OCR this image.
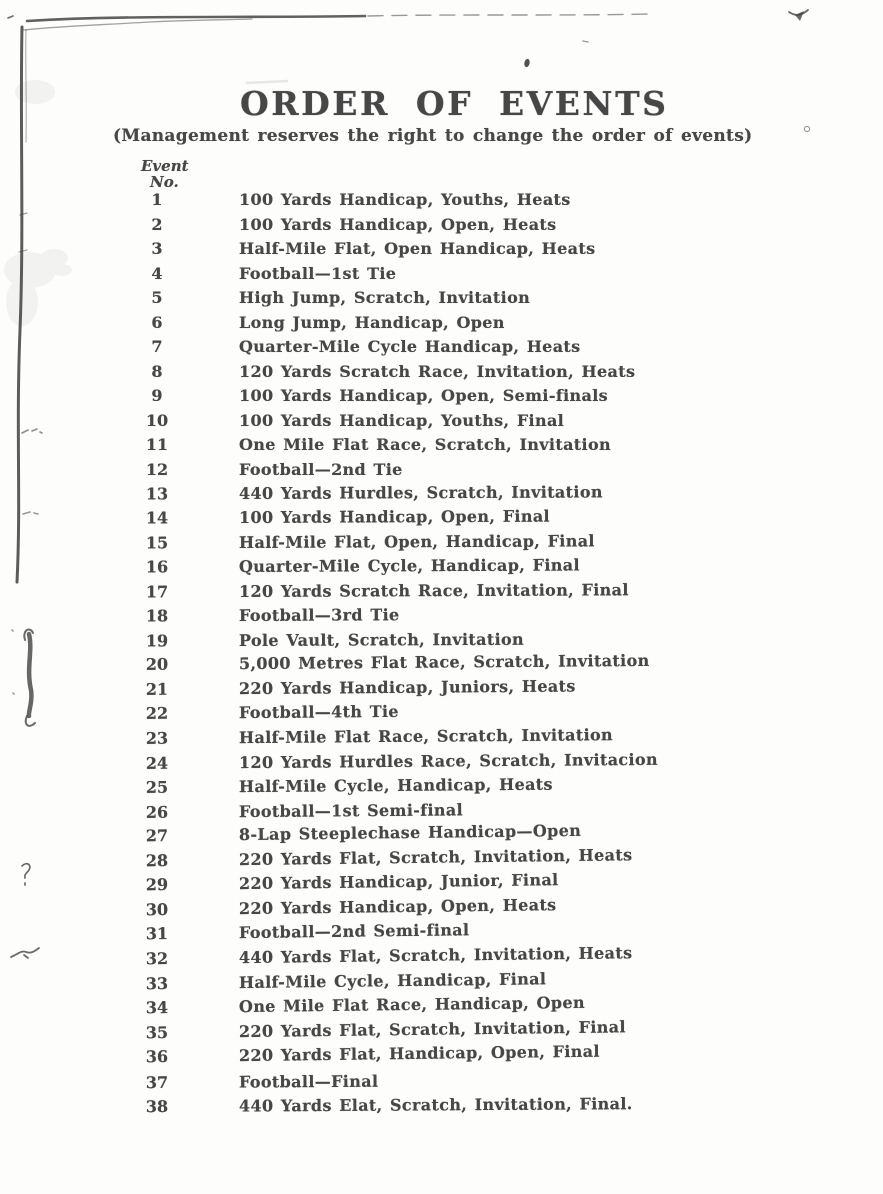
ORDER OF EVENTS
(Management reserves the right to change the order of events)
Event
No.
1	100 Yards Handicap, Youths, Heats
2	100 Yards Handicap, Open, Heats
3	Half-Mile Flat, Open Handicap, Heats
4	Football—1st Tie
5	High Jump, Scratch, Invitation
6	Long Jump, Handicap, Open
7	Quarter-Mile Cycle Handicap, Heats
8	120 Yards Scratch Race, Invitation, Heats
9	100 Yards Handicap, Open, Semi-finals
10	100 Yards Handicap, Youths, Final
11	One Mile Flat Race, Scratch, Invitation
12	Football—2nd Tie
13	440 Yards Hurdles, Scratch, Invitation
14	100 Yards Handicap, Open, Final
15	Half-Mile Flat, Open, Handicap, Final
16	Quarter-Mile Cycle, Handicap, Final
17	120 Yards Scratch Race, Invitation, Final
18	Football—3rd Tie
19	Pole Vault, Scratch, Invitation
20	5,000 Metres Flat Race, Scratch, Invitation
21	220 Yards Handicap, Juniors, Heats
22	Football—4th Tie
23	Half-Mile Flat Race, Scratch, Invitation
24	120 Yards Hurdles Race, Scratch, Invitacion
25	Half-Mile Cycle, Handicap, Heats
26	Football—1st Semi-final
27	8-Lap Steeplechase Handicap—Open
28	220 Yards Flat, Scratch, Invitation, Heats
29	220 Yards Handicap, Junior, Final
30	220 Yards Handicap, Open, Heats
31	Football—2nd Semi-final
32	440 Yards Flat, Scratch, Invitation, Heats
33	Half-Mile Cycle, Handicap, Final
34	One Mile Flat Race, Handicap, Open
35	220 Yards Flat, Scratch, Invitation, Final
36	220 Yards Flat, Handicap, Open, Final
37	Football—Final
38	440 Yards Elat, Scratch, Invitation, Final.
